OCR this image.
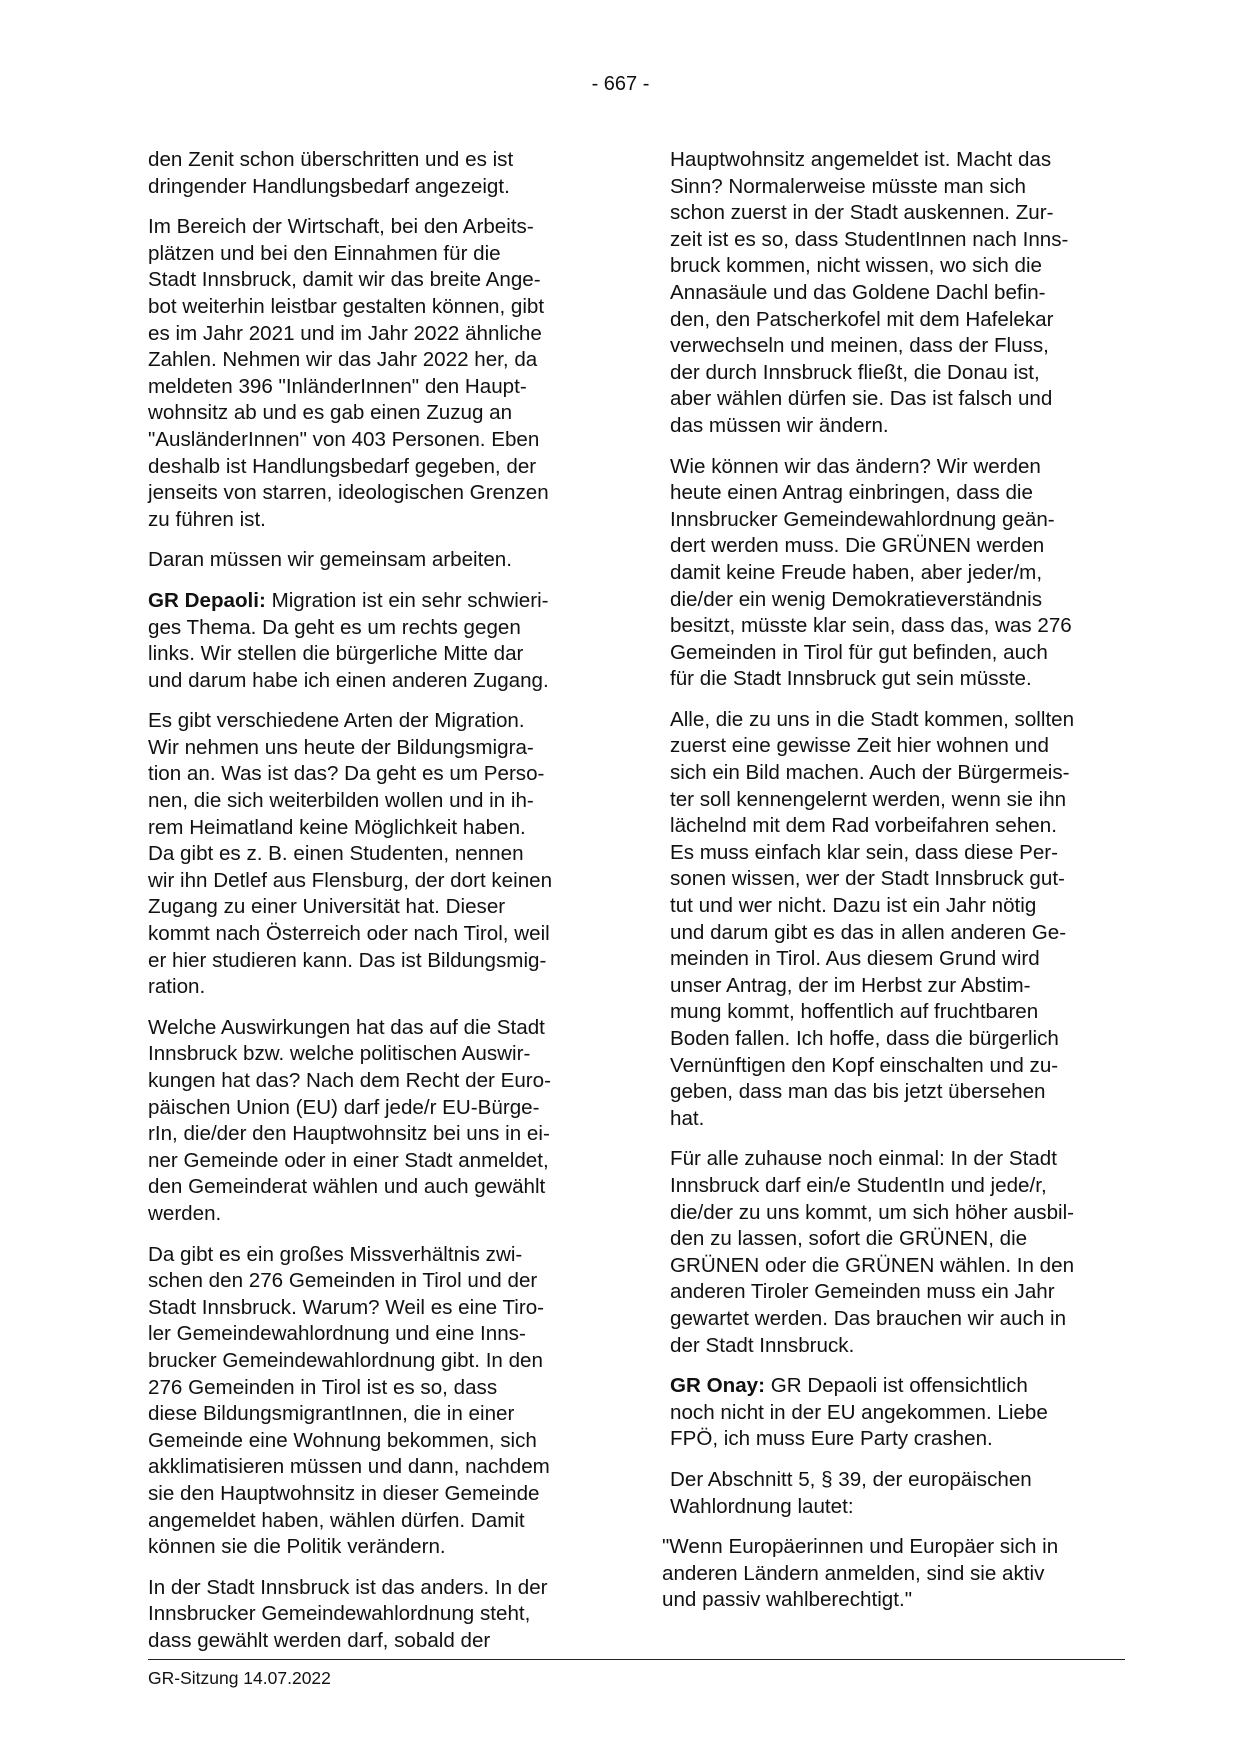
- 667 -

den Zenit schon überschritten und es ist
dringender Handlungsbedarf angezeigt.

Im Bereich der Wirtschaft, bei den Arbeits-
plätzen und bei den Einnahmen für die
Stadt Innsbruck, damit wir das breite Ange-
bot weiterhin leistbar gestalten können, gibt
es im Jahr 2021 und im Jahr 2022 ähnliche
Zahlen. Nehmen wir das Jahr 2022 her, da
meldeten 396 "InländerInnen" den Haupt-
wohnsitz ab und es gab einen Zuzug an
"AusländerInnen" von 403 Personen. Eben
deshalb ist Handlungsbedarf gegeben, der
jenseits von starren, ideologischen Grenzen
zu führen ist.

Daran müssen wir gemeinsam arbeiten.

GR Depaoli: Migration ist ein sehr schwieri-
ges Thema. Da geht es um rechts gegen
links. Wir stellen die bürgerliche Mitte dar
und darum habe ich einen anderen Zugang.

Es gibt verschiedene Arten der Migration.
Wir nehmen uns heute der Bildungsmigra-
tion an. Was ist das? Da geht es um Perso-
nen, die sich weiterbilden wollen und in ih-
rem Heimatland keine Möglichkeit haben.
Da gibt es z. B. einen Studenten, nennen
wir ihn Detlef aus Flensburg, der dort keinen
Zugang zu einer Universität hat. Dieser
kommt nach Österreich oder nach Tirol, weil
er hier studieren kann. Das ist Bildungsmig-
ration.

Welche Auswirkungen hat das auf die Stadt
Innsbruck bzw. welche politischen Auswir-
kungen hat das? Nach dem Recht der Euro-
päischen Union (EU) darf jede/r EU-Bürge-
rIn, die/der den Hauptwohnsitz bei uns in ei-
ner Gemeinde oder in einer Stadt anmeldet,
den Gemeinderat wählen und auch gewählt
werden.

Da gibt es ein großes Missverhältnis zwi-
schen den 276 Gemeinden in Tirol und der
Stadt Innsbruck. Warum? Weil es eine Tiro-
ler Gemeindewahlordnung und eine Inns-
brucker Gemeindewahlordnung gibt. In den
276 Gemeinden in Tirol ist es so, dass
diese BildungsmigrantInnen, die in einer
Gemeinde eine Wohnung bekommen, sich
akklimatisieren müssen und dann, nachdem
sie den Hauptwohnsitz in dieser Gemeinde
angemeldet haben, wählen dürfen. Damit
können sie die Politik verändern.

In der Stadt Innsbruck ist das anders. In der
Innsbrucker Gemeindewahlordnung steht,
dass gewählt werden darf, sobald der

Hauptwohnsitz angemeldet ist. Macht das
Sinn? Normalerweise müsste man sich
schon zuerst in der Stadt auskennen. Zur-
zeit ist es so, dass StudentInnen nach Inns-
bruck kommen, nicht wissen, wo sich die
Annasäule und das Goldene Dachl befin-
den, den Patscherkofel mit dem Hafelekar
verwechseln und meinen, dass der Fluss,
der durch Innsbruck fließt, die Donau ist,
aber wählen dürfen sie. Das ist falsch und
das müssen wir ändern.

Wie können wir das ändern? Wir werden
heute einen Antrag einbringen, dass die
Innsbrucker Gemeindewahlordnung geän-
dert werden muss. Die GRÜNEN werden
damit keine Freude haben, aber jeder/m,
die/der ein wenig Demokratieverständnis
besitzt, müsste klar sein, dass das, was 276
Gemeinden in Tirol für gut befinden, auch
für die Stadt Innsbruck gut sein müsste.

Alle, die zu uns in die Stadt kommen, sollten
zuerst eine gewisse Zeit hier wohnen und
sich ein Bild machen. Auch der Bürgermeis-
ter soll kennengelernt werden, wenn sie ihn
lächelnd mit dem Rad vorbeifahren sehen.
Es muss einfach klar sein, dass diese Per-
sonen wissen, wer der Stadt Innsbruck gut-
tut und wer nicht. Dazu ist ein Jahr nötig
und darum gibt es das in allen anderen Ge-
meinden in Tirol. Aus diesem Grund wird
unser Antrag, der im Herbst zur Abstim-
mung kommt, hoffentlich auf fruchtbaren
Boden fallen. Ich hoffe, dass die bürgerlich
Vernünftigen den Kopf einschalten und zu-
geben, dass man das bis jetzt übersehen
hat.

Für alle zuhause noch einmal: In der Stadt
Innsbruck darf ein/e StudentIn und jede/r,
die/der zu uns kommt, um sich höher ausbil-
den zu lassen, sofort die GRÜNEN, die
GRÜNEN oder die GRÜNEN wählen. In den
anderen Tiroler Gemeinden muss ein Jahr
gewartet werden. Das brauchen wir auch in
der Stadt Innsbruck.

GR Onay: GR Depaoli ist offensichtlich
noch nicht in der EU angekommen. Liebe
FPÖ, ich muss Eure Party crashen.

Der Abschnitt 5, § 39, der europäischen
Wahlordnung lautet:

"Wenn Europäerinnen und Europäer sich in
anderen Ländern anmelden, sind sie aktiv
und passiv wahlberechtigt."

GR-Sitzung 14.07.2022
